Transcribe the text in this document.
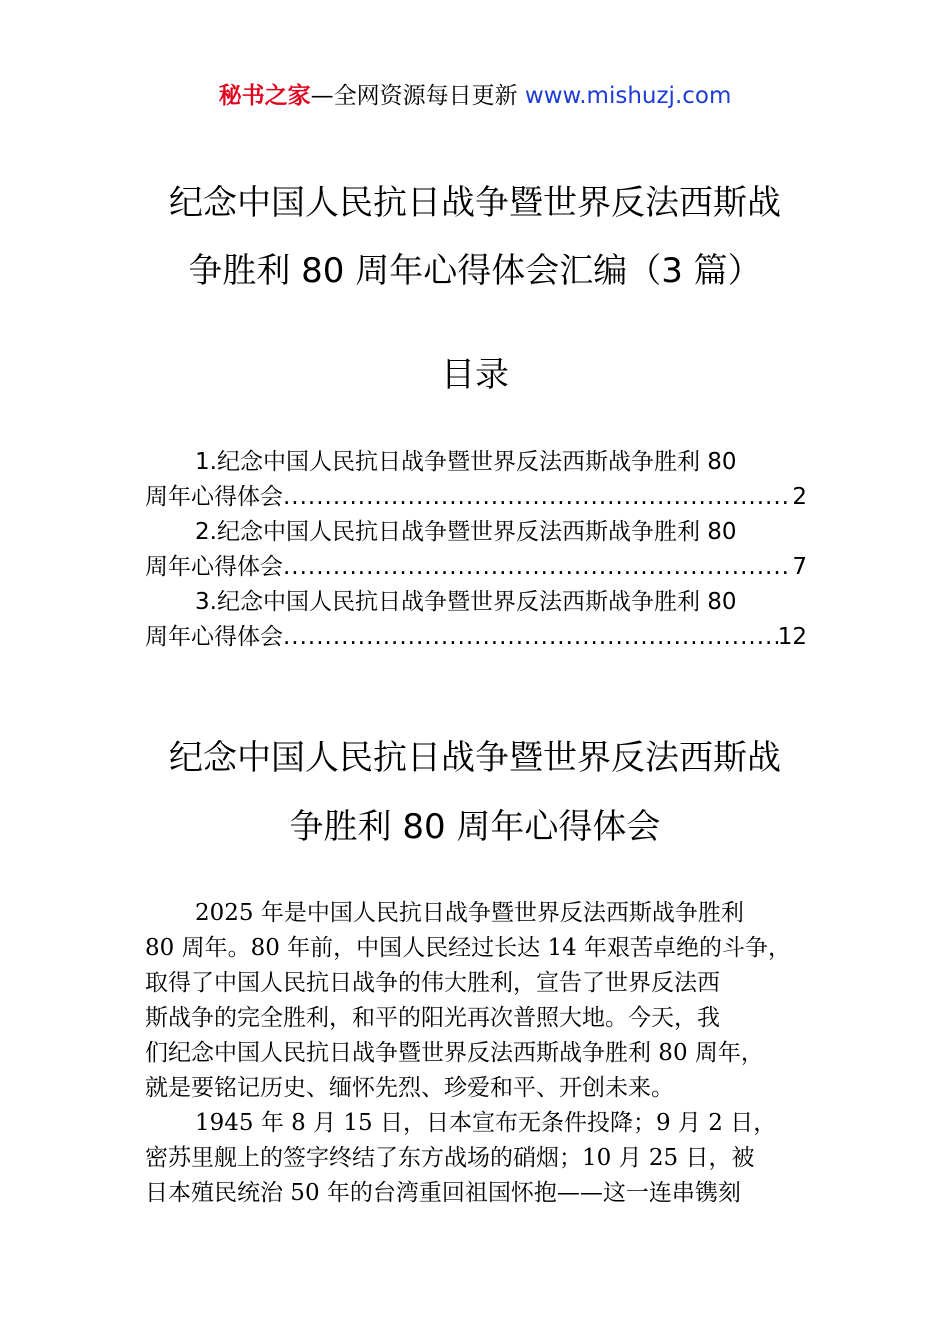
秘书之家—全网资源每日更新 www.mishuzj.com
纪念中国人民抗日战争暨世界反法西斯战
争胜利 80 周年心得体会汇编（3 篇）
目录
1.纪念中国人民抗日战争暨世界反法西斯战争胜利 80
周年心得体会 .....	2
2.纪念中国人民抗日战争暨世界反法西斯战争胜利 80
周年心得体会 .....	7
3.纪念中国人民抗日战争暨世界反法西斯战争胜利 80
周年心得体会 .....	12
纪念中国人民抗日战争暨世界反法西斯战
争胜利 80 周年心得体会
2025 年是中国人民抗日战争暨世界反法西斯战争胜利
80 周年。80 年前，中国人民经过长达 14 年艰苦卓绝的斗争，
取得了中国人民抗日战争的伟大胜利，宣告了世界反法西
斯战争的完全胜利，和平的阳光再次普照大地。今天，我
们纪念中国人民抗日战争暨世界反法西斯战争胜利 80 周年，
就是要铭记历史、缅怀先烈、珍爱和平、开创未来。
1945 年 8 月 15 日，日本宣布无条件投降；9 月 2 日，
密苏里舰上的签字终结了东方战场的硝烟；10 月 25 日，被
日本殖民统治 50 年的台湾重回祖国怀抱——这一连串镌刻
